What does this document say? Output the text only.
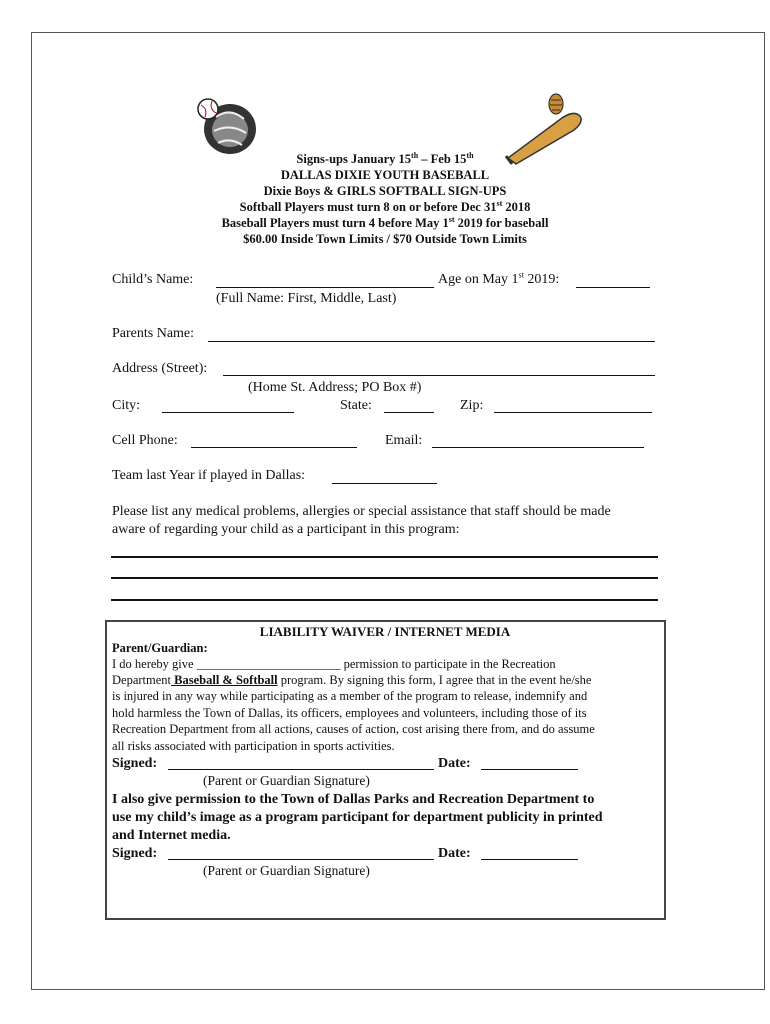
Signs-ups January 15th – Feb 15th
DALLAS DIXIE YOUTH BASEBALL
Dixie Boys & GIRLS SOFTBALL SIGN-UPS
Softball Players must turn 8 on or before Dec 31st 2018
Baseball Players must turn 4 before May 1st 2019 for baseball
$60.00 Inside Town Limits / $70 Outside Town Limits
Child’s Name:	Age on May 1st 2019:
(Full Name: First, Middle, Last)
Parents Name:
Address (Street):
(Home St. Address; PO Box #)
City:	State:	Zip:
Cell Phone:	Email:
Team last Year if played in Dallas:
Please list any medical problems, allergies or special assistance that staff should be made
aware of regarding your child as a participant in this program:
LIABILITY WAIVER / INTERNET MEDIA
Parent/Guardian:
I do hereby give _______________________ permission to participate in the Recreation
Department Baseball & Softball program. By signing this form, I agree that in the event he/she
is injured in any way while participating as a member of the program to release, indemnify and
hold harmless the Town of Dallas, its officers, employees and volunteers, including those of its
Recreation Department from all actions, causes of action, cost arising there from, and do assume
all risks associated with participation in sports activities.
Signed:	Date:
(Parent or Guardian Signature)
I also give permission to the Town of Dallas Parks and Recreation Department to
use my child’s image as a program participant for department publicity in printed
and Internet media.
Signed:	Date:
(Parent or Guardian Signature)
